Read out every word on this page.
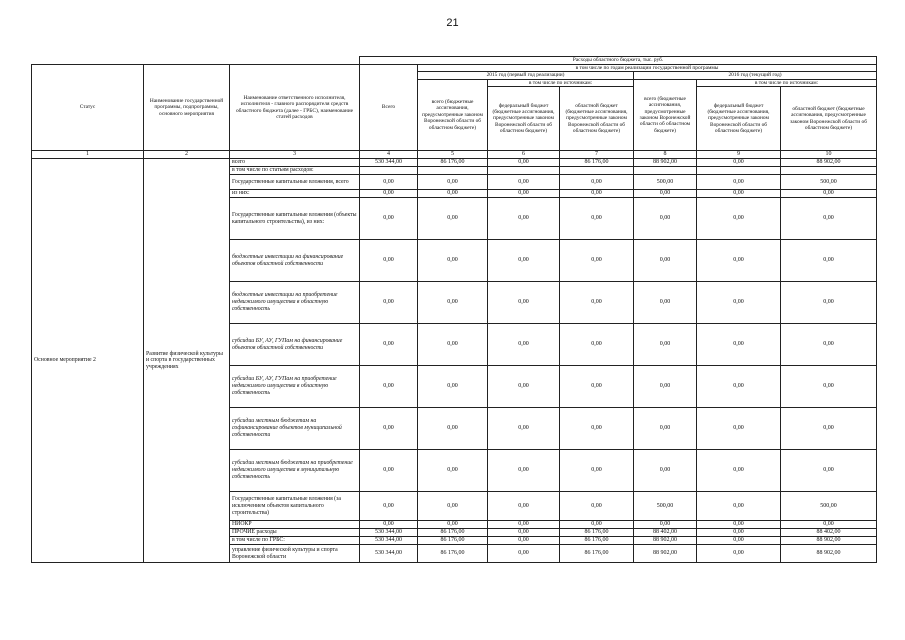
21
			Расходы областного бюджета, тыс. руб.						
Статус	Наименование государственной программы, подпрограммы, основного мероприятия	Наименование ответственного исполнителя, исполнителя - главного распорядителя средств областного бюджета (далее - ГРБС), наименование статей расходов	Всего	в том числе по годам реализации государственной программы					
				2015 год (первый год реализации)			2016 год (текущий год)		
				всего (бюджетные ассигнования, предусмотренные законом Воронежской области об областном бюджете)	в том числе по источникам:		всего (бюджетные ассигнования, предусмотренные законом Воронежской области об областном бюджете)	в том числе по источникам:	
					федеральный бюджет (бюджетные ассигнования, предусмотренные законом Воронежской области об областном бюджете)	областной бюджет (бюджетные ассигнования, предусмотренные законом Воронежской области об областном бюджете)		федеральный бюджет (бюджетные ассигнования, предусмотренные законом Воронежской области об областном бюджете)	областной бюджет (бюджетные ассигнования, предусмотренные законом Воронежской области об областном бюджете)
1	2	3	4	5	6	7	8	9	10
Основное мероприятие 2	Развитие физической культуры и спорта в государственных учреждениях	всего	530 344,00	86 176,00	0,00	86 176,00	88 902,00	0,00	88 902,00
		в том числе по статьям расходов:							
		Государственные капитальные вложения, всего	0,00	0,00	0,00	0,00	500,00	0,00	500,00
		из них:	0,00	0,00	0,00	0,00	0,00	0,00	0,00
		Государственные капитальные вложения (объекты капитального строительства), из них:	0,00	0,00	0,00	0,00	0,00	0,00	0,00
		бюджетные инвестиции на финансирование объектов областной собственности	0,00	0,00	0,00	0,00	0,00	0,00	0,00
		бюджетные инвестиции на приобретение недвижимого имущества в областную собственность	0,00	0,00	0,00	0,00	0,00	0,00	0,00
		субсидии БУ, АУ, ГУПам на финансирование объектов областной собственности	0,00	0,00	0,00	0,00	0,00	0,00	0,00
		субсидии БУ, АУ, ГУПам на приобретение недвижимого имущества в областную собственность	0,00	0,00	0,00	0,00	0,00	0,00	0,00
		субсидии местным бюджетам на софинансирование объектов муниципальной собственности	0,00	0,00	0,00	0,00	0,00	0,00	0,00
		субсидии местным бюджетам на приобретение недвижимого имущества в муниципальную собственность	0,00	0,00	0,00	0,00	0,00	0,00	0,00
		Государственные капитальные вложения (за исключением объектов капитального строительства)	0,00	0,00	0,00	0,00	500,00	0,00	500,00
		НИОКР	0,00	0,00	0,00	0,00	0,00	0,00	0,00
		ПРОЧИЕ расходы	530 344,00	86 176,00	0,00	86 176,00	88 402,00	0,00	88 402,00
		в том числе по ГРБС:	530 344,00	86 176,00	0,00	86 176,00	88 902,00	0,00	88 902,00
		управление физической культуры и спорта Воронежской области	530 344,00	86 176,00	0,00	86 176,00	88 902,00	0,00	88 902,00
